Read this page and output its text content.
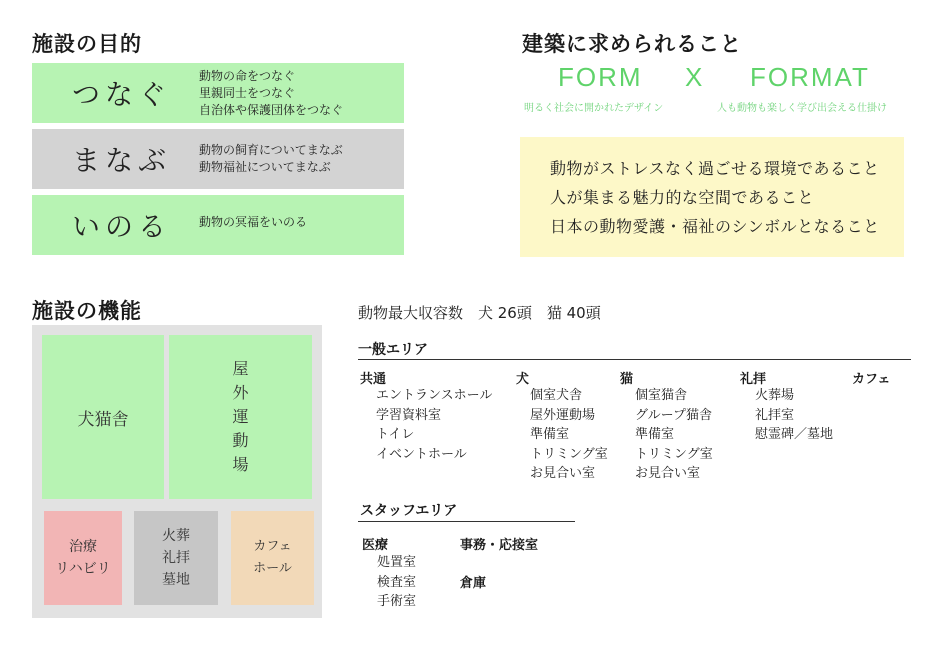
施設の目的
つなぐ
動物の命をつなぐ
里親同士をつなぐ
自治体や保護団体をつなぐ
まなぶ 動物の飼育についてまなぶ
動物福祉についてまなぶ
いのる 動物の冥福をいのる
建築に求められること
FORM X FORMAT
明るく社会に開かれたデザイン	人も動物も楽しく学び出会える仕掛け
動物がストレスなく過ごせる環境であること
人が集まる魅力的な空間であること
日本の動物愛護・福祉のシンボルとなること
施設の機能
犬猫舎
屋
外
運
動
場
治療
リハビリ
火葬
礼拝
墓地
カフェ
ホール
動物最大収容数　犬 26頭　猫 40頭
一般エリア
共通
エントランスホール
学習資料室
トイレ
イベントホール
犬
個室犬舎
屋外運動場
準備室
トリミング室
お見合い室
猫
個室猫舎
グループ猫舎
準備室
トリミング室
お見合い室
礼拝
火葬場
礼拝室
慰霊碑／墓地
カフェ
スタッフエリア
医療
処置室
検査室
手術室
事務・応接室
倉庫
